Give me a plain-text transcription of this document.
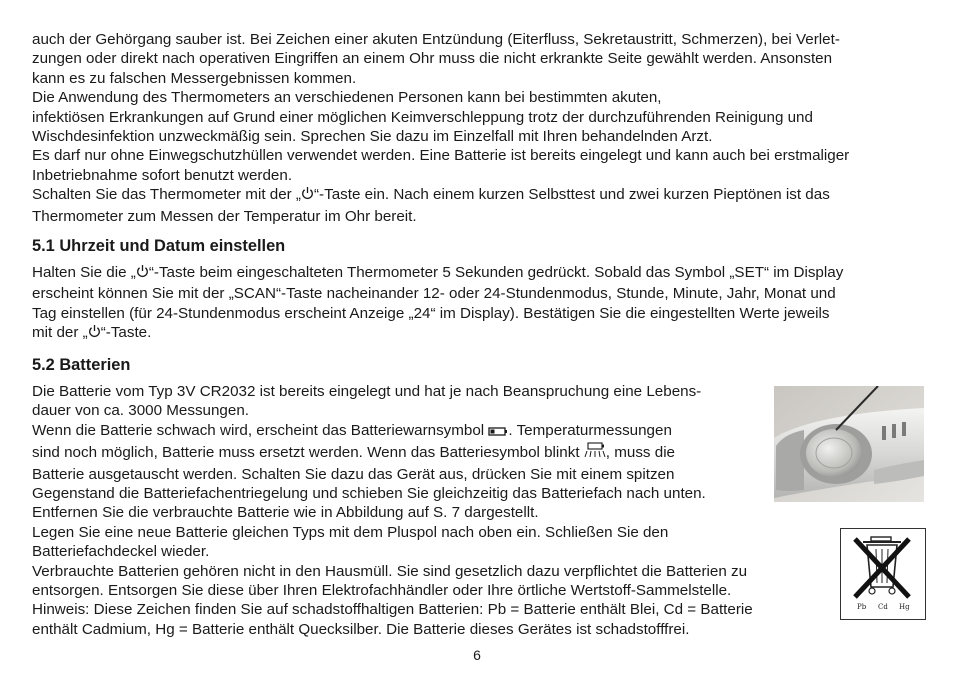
auch der Gehörgang sauber ist. Bei Zeichen einer akuten Entzündung (Eiterfluss, Sekretaustritt, Schmerzen), bei Verlet-
zungen oder direkt nach operativen Eingriffen an einem Ohr muss die nicht erkrankte Seite gewählt werden. Ansonsten
kann es zu falschen Messergebnissen kommen.
Die Anwendung des Thermometers an verschiedenen Personen kann bei bestimmten akuten,
infektiösen Erkrankungen auf Grund einer möglichen Keimverschleppung trotz der durchzuführenden Reinigung und
Wischdesinfektion unzweckmäßig sein. Sprechen Sie dazu im Einzelfall mit Ihren behandelnden Arzt.
Es darf nur ohne Einwegschutzhüllen verwendet werden. Eine Batterie ist bereits eingelegt und kann auch bei erstmaliger
Inbetriebnahme sofort benutzt werden.
Schalten Sie das Thermometer mit der „ “-Taste ein. Nach einem kurzen Selbsttest und zwei kurzen Pieptönen ist das
Thermometer zum Messen der Temperatur im Ohr bereit.
5.1 Uhrzeit und Datum einstellen
Halten Sie die „ “-Taste beim eingeschalteten Thermometer 5 Sekunden gedrückt. Sobald das Symbol „SET“ im Display
erscheint können Sie mit der „SCAN“-Taste nacheinander 12- oder 24-Stundenmodus, Stunde, Minute, Jahr, Monat und
Tag einstellen (für 24-Stundenmodus erscheint Anzeige „24“ im Display). Bestätigen Sie die eingestellten Werte jeweils
mit der „ “-Taste.
5.2 Batterien
Die Batterie vom Typ 3V CR2032 ist bereits eingelegt und hat je nach Beanspruchung eine Lebens-
dauer von ca. 3000 Messungen.
Wenn die Batterie schwach wird, erscheint das Batteriewarnsymbol . Temperaturmessungen
sind noch möglich, Batterie muss ersetzt werden. Wenn das Batteriesymbol blinkt , muss die
Batterie ausgetauscht werden. Schalten Sie dazu das Gerät aus, drücken Sie mit einem spitzen
Gegenstand die Batteriefachentriegelung und schieben Sie gleichzeitig das Batteriefach nach unten.
Entfernen Sie die verbrauchte Batterie wie in Abbildung auf S. 7 dargestellt.
Legen Sie eine neue Batterie gleichen Typs mit dem Pluspol nach oben ein. Schließen Sie den
Batteriefachdeckel wieder.
Verbrauchte Batterien gehören nicht in den Hausmüll. Sie sind gesetzlich dazu verpflichtet die Batterien zu
entsorgen. Entsorgen Sie diese über Ihren Elektrofachhändler oder Ihre örtliche Wertstoff-Sammelstelle.
Hinweis: Diese Zeichen finden Sie auf schadstoffhaltigen Batterien: Pb = Batterie enthält Blei, Cd = Batterie
enthält Cadmium, Hg = Batterie enthält Quecksilber. Die Batterie dieses Gerätes ist schadstofffrei.
Pb Cd Hg
6
